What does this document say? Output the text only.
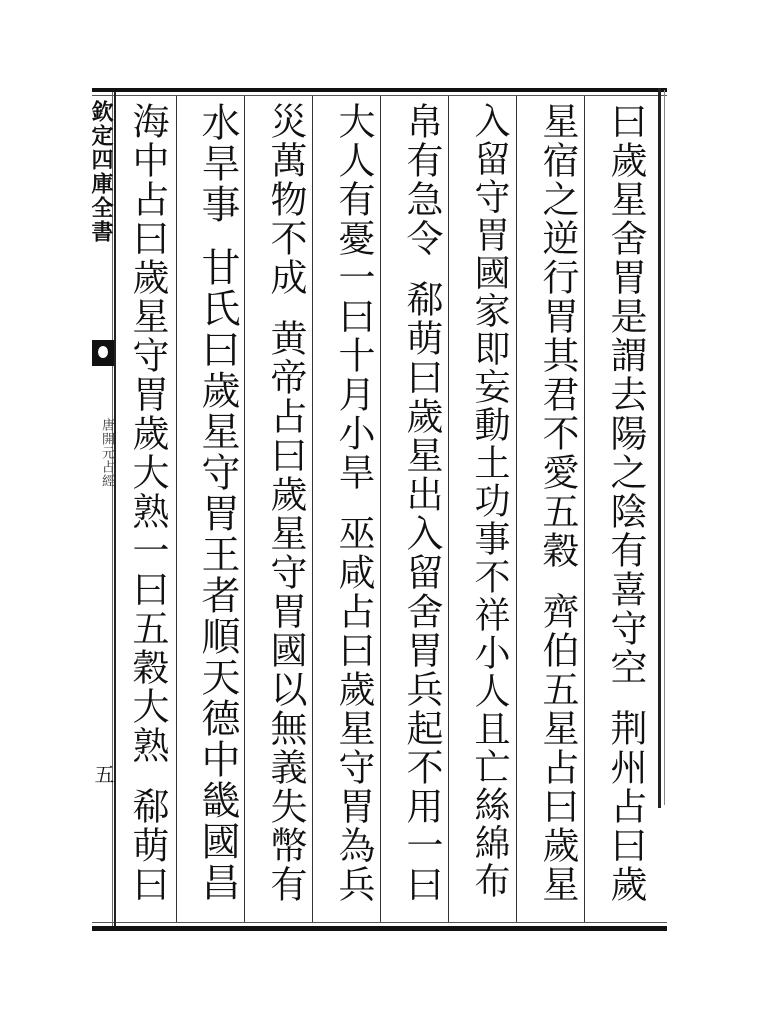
欽定四庫全書
唐開元占經
五
曰歲星舍胃是謂去陽之陰有喜守空荆州占曰歲
星宿之逆行胃其君不愛五穀齊伯五星占曰歲星
入留守胃國家即妄動土功事不祥小人且亡絲綿布
帛有急令郗萌曰歲星出入留舍胃兵起不用一曰
大人有憂一曰十月小旱巫咸占曰歲星守胃為兵
災萬物不成黄帝占曰歲星守胃國以無義失幣有
水旱事甘氏曰歲星守胃王者順天德中畿國昌
海中占曰歲星守胃歲大熟一曰五穀大熟郗萌曰
